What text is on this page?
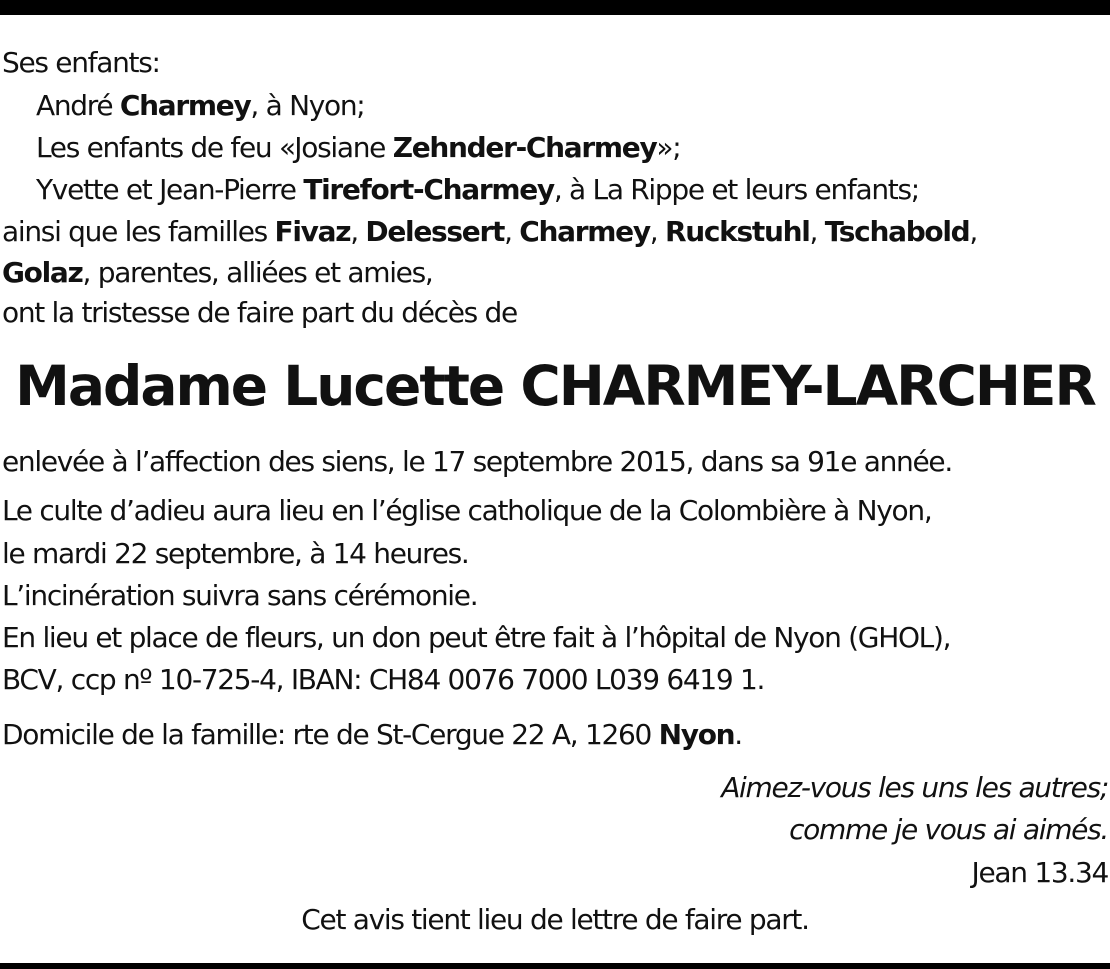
Ses enfants:
André Charmey, à Nyon;
Les enfants de feu «Josiane Zehnder-Charmey»;
Yvette et Jean-Pierre Tirefort-Charmey, à La Rippe et leurs enfants;
ainsi que les familles Fivaz, Delessert, Charmey, Ruckstuhl, Tschabold,
Golaz, parentes, alliées et amies,
ont la tristesse de faire part du décès de
Madame Lucette CHARMEY-LARCHER
enlevée à l’affection des siens, le 17 septembre 2015, dans sa 91e année.
Le culte d’adieu aura lieu en l’église catholique de la Colombière à Nyon,
le mardi 22 septembre, à 14 heures.
L’incinération suivra sans cérémonie.
En lieu et place de fleurs, un don peut être fait à l’hôpital de Nyon (GHOL),
BCV, ccp nº 10-725-4, IBAN: CH84 0076 7000 L039 6419 1.
Domicile de la famille: rte de St-Cergue 22 A, 1260 Nyon.
Aimez-vous les uns les autres;
comme je vous ai aimés.
Jean 13.34
Cet avis tient lieu de lettre de faire part.
